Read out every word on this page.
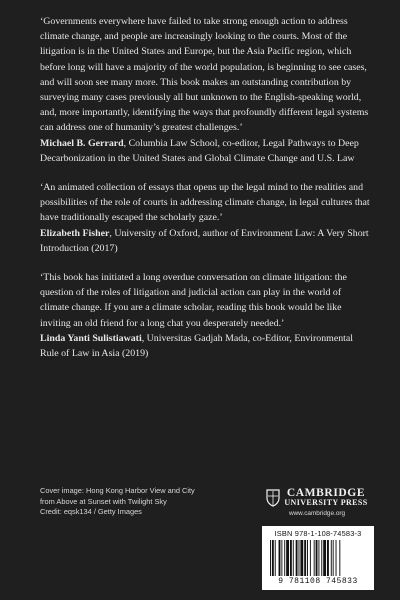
‘Governments everywhere have failed to take strong enough action to address climate change, and people are increasingly looking to the courts. Most of the litigation is in the United States and Europe, but the Asia Pacific region, which before long will have a majority of the world population, is beginning to see cases, and will soon see many more. This book makes an outstanding contribution by surveying many cases previously all but unknown to the English-speaking world, and, more importantly, identifying the ways that profoundly different legal systems can address one of humanity’s greatest challenges.’

Michael B. Gerrard, Columbia Law School, co-editor, Legal Pathways to Deep Decarbonization in the United States and Global Climate Change and U.S. Law

‘An animated collection of essays that opens up the legal mind to the realities and possibilities of the role of courts in addressing climate change, in legal cultures that have traditionally escaped the scholarly gaze.’

Elizabeth Fisher, University of Oxford, author of Environment Law: A Very Short Introduction (2017)

‘This book has initiated a long overdue conversation on climate litigation: the question of the roles of litigation and judicial action can play in the world of climate change. If you are a climate scholar, reading this book would be like inviting an old friend for a long chat you desperately needed.’

Linda Yanti Sulistiawati, Universitas Gadjah Mada, co-Editor, Environmental Rule of Law in Asia (2019)

Cover image: Hong Kong Harbor View and City
from Above at Sunset with Twilight Sky
Credit: eqsk134 / Getty Images
CAMBRIDGE
UNIVERSITY PRESS
www.cambridge.org
ISBN 978-1-108-74583-3
9 781108 745833
